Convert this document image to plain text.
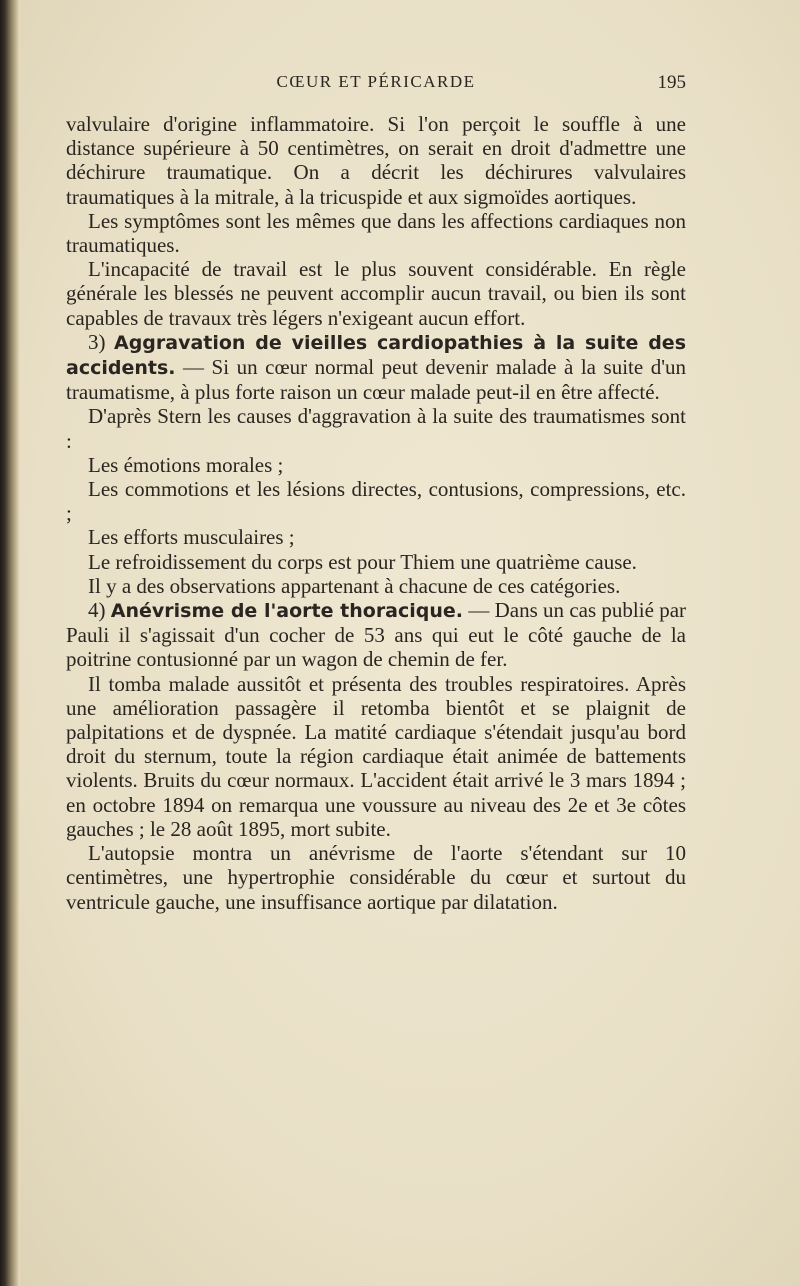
CŒUR ET PÉRICARDE	195

valvulaire d'origine inflammatoire. Si l'on perçoit le souffle à une distance supérieure à 50 centimètres, on serait en droit d'admettre une déchirure traumatique. On a décrit les déchirures valvulaires traumatiques à la mitrale, à la tricuspide et aux sigmoïdes aortiques.

Les symptômes sont les mêmes que dans les affections cardiaques non traumatiques.

L'incapacité de travail est le plus souvent considérable. En règle générale les blessés ne peuvent accomplir aucun travail, ou bien ils sont capables de travaux très légers n'exigeant aucun effort.

3) Aggravation de vieilles cardiopathies à la suite des accidents. — Si un cœur normal peut devenir malade à la suite d'un traumatisme, à plus forte raison un cœur malade peut-il en être affecté.

D'après Stern les causes d'aggravation à la suite des traumatismes sont :

Les émotions morales ;

Les commotions et les lésions directes, contusions, compressions, etc. ;

Les efforts musculaires ;

Le refroidissement du corps est pour Thiem une quatrième cause.

Il y a des observations appartenant à chacune de ces catégories.

4) Anévrisme de l'aorte thoracique. — Dans un cas publié par Pauli il s'agissait d'un cocher de 53 ans qui eut le côté gauche de la poitrine contusionné par un wagon de chemin de fer.

Il tomba malade aussitôt et présenta des troubles respiratoires. Après une amélioration passagère il retomba bientôt et se plaignit de palpitations et de dyspnée. La matité cardiaque s'étendait jusqu'au bord droit du sternum, toute la région cardiaque était animée de battements violents. Bruits du cœur normaux. L'accident était arrivé le 3 mars 1894 ; en octobre 1894 on remarqua une voussure au niveau des 2e et 3e côtes gauches ; le 28 août 1895, mort subite.

L'autopsie montra un anévrisme de l'aorte s'étendant sur 10 centimètres, une hypertrophie considérable du cœur et surtout du ventricule gauche, une insuffisance aortique par dilatation.
